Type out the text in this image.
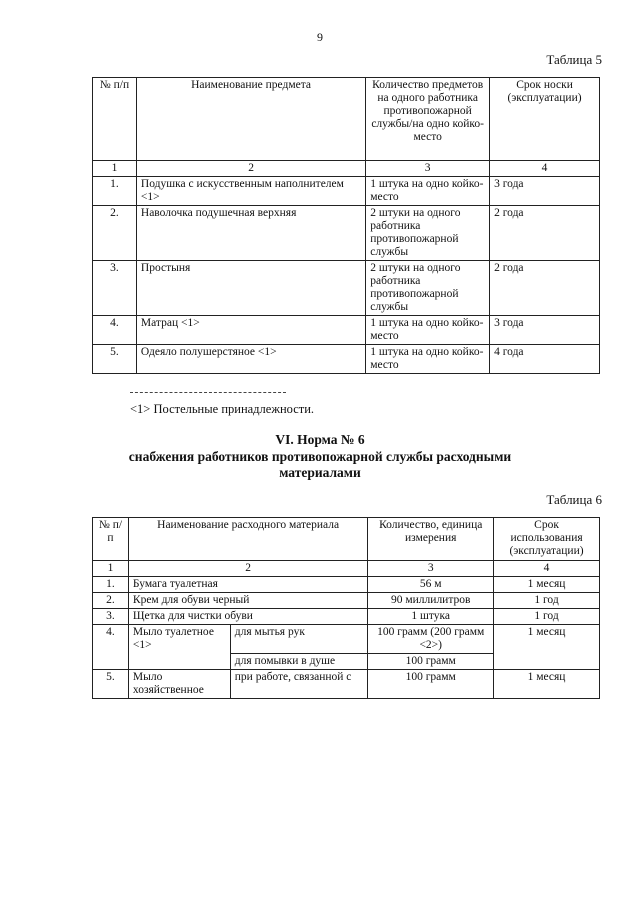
9
Таблица 5
№ п/п	Наименование предмета	Количество предметов на одного работника противопожарной службы/на одно койко-место	Срок носки (эксплуатации)
1	2	3	4
1.	Подушка с искусственным наполнителем <1>	1 штука на одно койко-место	3 года
2.	Наволочка подушечная верхняя	2 штуки на одного работника противопожарной службы	2 года
3.	Простыня	2 штуки на одного работника противопожарной службы	2 года
4.	Матрац <1>	1 штука на одно койко-место	3 года
5.	Одеяло полушерстяное <1>	1 штука на одно койко-место	4 года
<1> Постельные принадлежности.
VI. Норма № 6
снабжения работников противопожарной службы расходными материалами
Таблица 6
№ п/п	Наименование расходного материала		Количество, единица измерения	Срок использования (эксплуатации)
1	2		3	4
1.	Бумага туалетная		56 м	1 месяц
2.	Крем для обуви черный		90 миллилитров	1 год
3.	Щетка для чистки обуви		1 штука	1 год
4.	Мыло туалетное <1>	для мытья рук	100 грамм (200 грамм <2>)	1 месяц
		для помывки в душе	100 грамм	
5.	Мыло хозяйственное	при работе, связанной с	100 грамм	1 месяц
